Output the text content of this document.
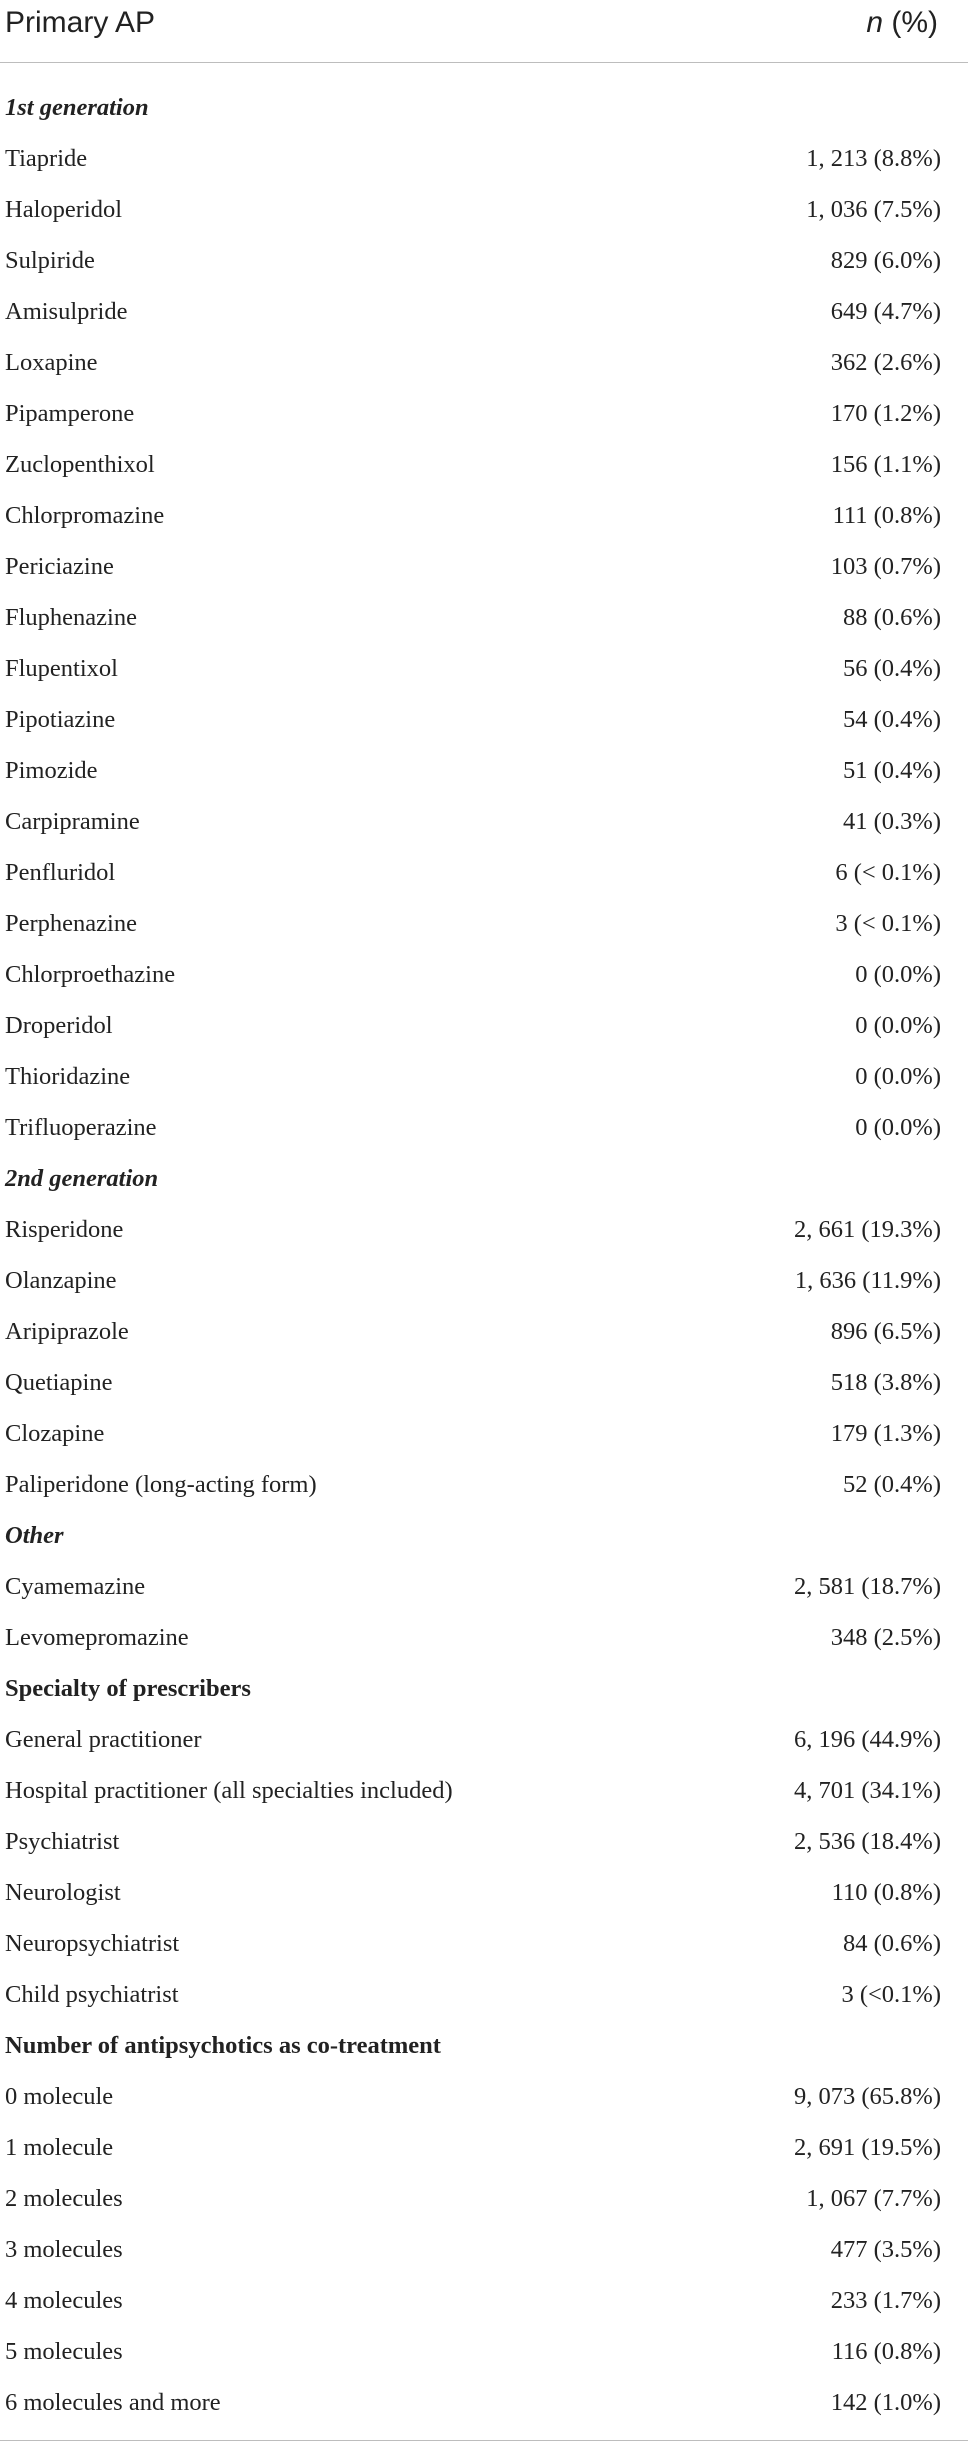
Primary AP	n (%)
1st generation
Tiapride	1, 213 (8.8%)
Haloperidol	1, 036 (7.5%)
Sulpiride	829 (6.0%)
Amisulpride	649 (4.7%)
Loxapine	362 (2.6%)
Pipamperone	170 (1.2%)
Zuclopenthixol	156 (1.1%)
Chlorpromazine	111 (0.8%)
Periciazine	103 (0.7%)
Fluphenazine	88 (0.6%)
Flupentixol	56 (0.4%)
Pipotiazine	54 (0.4%)
Pimozide	51 (0.4%)
Carpipramine	41 (0.3%)
Penfluridol	6 (< 0.1%)
Perphenazine	3 (< 0.1%)
Chlorproethazine	0 (0.0%)
Droperidol	0 (0.0%)
Thioridazine	0 (0.0%)
Trifluoperazine	0 (0.0%)
2nd generation
Risperidone	2, 661 (19.3%)
Olanzapine	1, 636 (11.9%)
Aripiprazole	896 (6.5%)
Quetiapine	518 (3.8%)
Clozapine	179 (1.3%)
Paliperidone (long-acting form)	52 (0.4%)
Other
Cyamemazine	2, 581 (18.7%)
Levomepromazine	348 (2.5%)
Specialty of prescribers
General practitioner	6, 196 (44.9%)
Hospital practitioner (all specialties included)	4, 701 (34.1%)
Psychiatrist	2, 536 (18.4%)
Neurologist	110 (0.8%)
Neuropsychiatrist	84 (0.6%)
Child psychiatrist	3 (<0.1%)
Number of antipsychotics as co-treatment
0 molecule	9, 073 (65.8%)
1 molecule	2, 691 (19.5%)
2 molecules	1, 067 (7.7%)
3 molecules	477 (3.5%)
4 molecules	233 (1.7%)
5 molecules	116 (0.8%)
6 molecules and more	142 (1.0%)
